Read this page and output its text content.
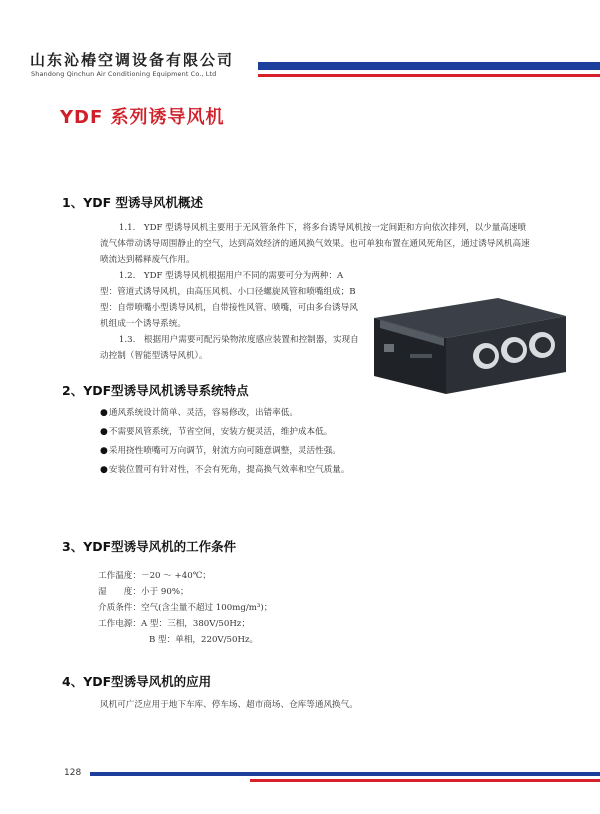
山东沁椿空调设备有限公司
Shandong Qinchun Air Conditioning Equipment Co., Ltd
YDF 系列诱导风机
1、YDF 型诱导风机概述
1.1.　YDF 型诱导风机主要用于无风管条件下，将多台诱导风机按一定间距和方向依次排列，以少量高速喷流气体带动诱导周围静止的空气，达到高效经济的通风换气效果。也可单独布置在通风死角区，通过诱导风机高速喷流达到稀释废气作用。
1.2.　YDF 型诱导风机根据用户不同的需要可分为两种：A 型：管道式诱导风机，由高压风机、小口径螺旋风管和喷嘴组成；B 型：自带喷嘴小型诱导风机，自带接性风管、喷嘴，可由多台诱导风机组成一个诱导系统。
1.3.　根据用户需要可配污染物浓度感应装置和控制器，实现自动控制（智能型诱导风机）。
2、YDF型诱导风机诱导系统特点
●通风系统设计简单、灵活，容易修改，出错率低。
●不需要风管系统，节省空间，安装方便灵活，维护成本低。
●采用挠性喷嘴可万向调节，射流方向可随意调整，灵活性强。
●安装位置可有针对性，不会有死角，提高换气效率和空气质量。
3、YDF型诱导风机的工作条件
工作温度：－20 ～ +40℃；
湿　　度：小于 90%；
介质条件：空气(含尘量不超过 100mg/m³)；
工作电源：A 型：三相，380V/50Hz；
B 型：单相，220V/50Hz。
4、YDF型诱导风机的应用
风机可广泛应用于地下车库、停车场、超市商场、仓库等通风换气。
128
